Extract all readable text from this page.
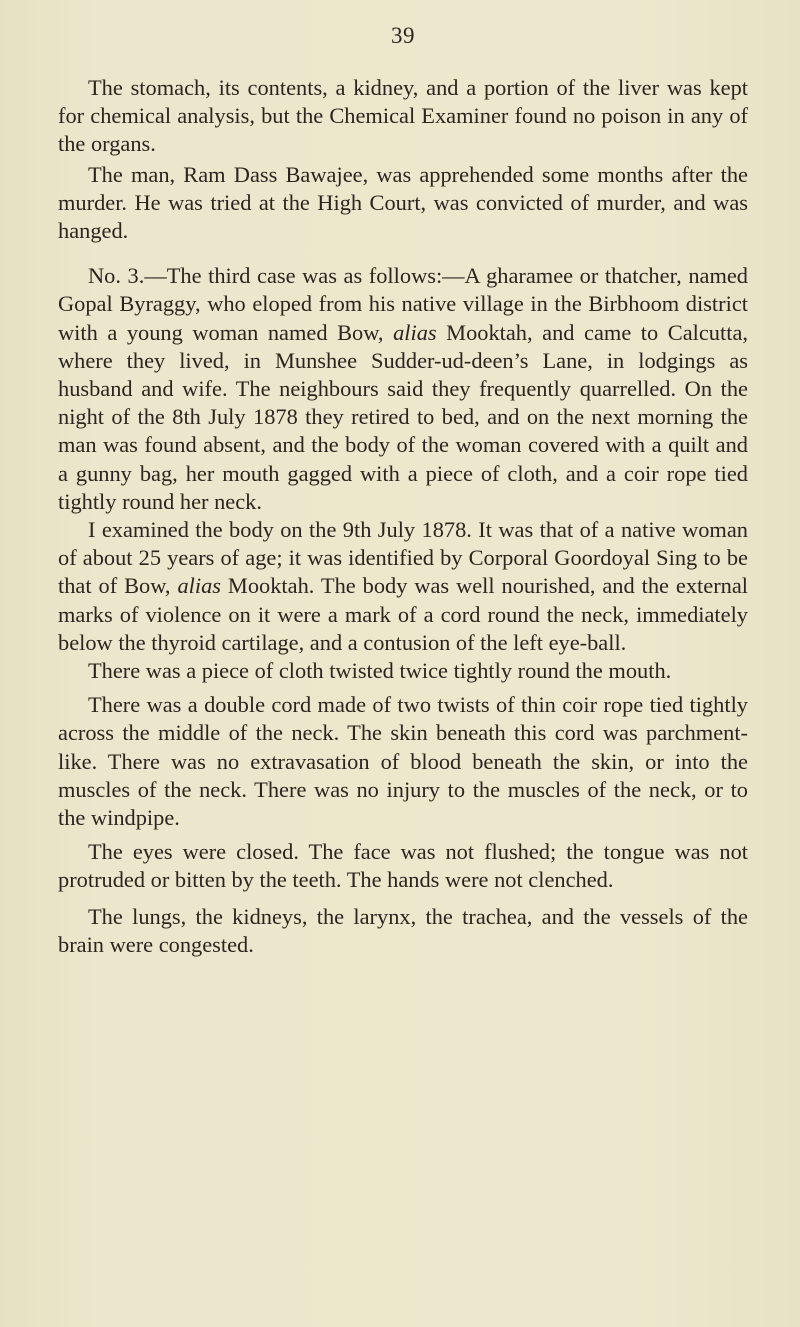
39

The stomach, its contents, a kidney, and a portion of the liver was kept for chemical analysis, but the Chemical Examiner found no poison in any of the organs.

The man, Ram Dass Bawajee, was apprehended some months after the murder. He was tried at the High Court, was convicted of murder, and was hanged.

No. 3.—The third case was as follows:—A gharamee or thatcher, named Gopal Byraggy, who eloped from his native village in the Birbhoom district with a young woman named Bow, alias Mooktah, and came to Calcutta, where they lived, in Munshee Sudder-ud-deen’s Lane, in lodgings as husband and wife. The neighbours said they frequently quarrelled. On the night of the 8th July 1878 they retired to bed, and on the next morning the man was found absent, and the body of the woman covered with a quilt and a gunny bag, her mouth gagged with a piece of cloth, and a coir rope tied tightly round her neck.

I examined the body on the 9th July 1878. It was that of a native woman of about 25 years of age; it was identified by Corporal Goordoyal Sing to be that of Bow, alias Mooktah. The body was well nourished, and the external marks of violence on it were a mark of a cord round the neck, immediately below the thyroid cartilage, and a contusion of the left eye-ball.

There was a piece of cloth twisted twice tightly round the mouth.

There was a double cord made of two twists of thin coir rope tied tightly across the middle of the neck. The skin beneath this cord was parchment-like. There was no extravasation of blood beneath the skin, or into the muscles of the neck. There was no injury to the muscles of the neck, or to the windpipe.

The eyes were closed. The face was not flushed; the tongue was not protruded or bitten by the teeth. The hands were not clenched.

The lungs, the kidneys, the larynx, the trachea, and the vessels of the brain were congested.
